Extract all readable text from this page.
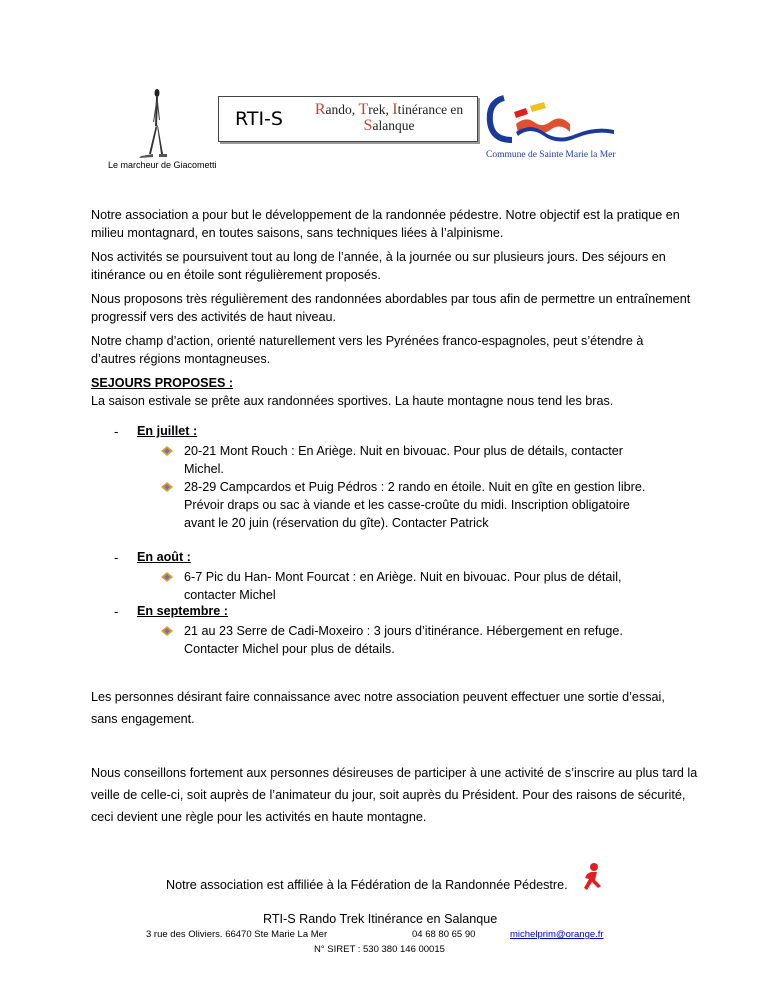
Le marcheur de Giacometti
RTI-S	Rando, Trek, Itinérance en
Salanque
Commune de Sainte Marie la Mer
Notre association a pour but le développement de la randonnée pédestre. Notre objectif est la pratique en milieu montagnard, en toutes saisons, sans techniques liées à l’alpinisme.
Nos activités se poursuivent tout au long de l’année, à la journée ou sur plusieurs jours. Des séjours en itinérance ou en étoile sont régulièrement proposés.
Nous proposons très régulièrement des randonnées abordables par tous afin de permettre un entraînement progressif vers des activités de haut niveau.
Notre champ d’action, orienté naturellement vers les Pyrénées franco-espagnoles, peut s’étendre à d’autres régions montagneuses.
SEJOURS PROPOSES :
La saison estivale se prête aux randonnées sportives. La haute montagne nous tend les bras.
- En juillet :
20-21 Mont Rouch : En Ariège. Nuit en bivouac. Pour plus de détails, contacter Michel.
28-29 Campcardos et Puig Pédros : 2 rando en étoile. Nuit en gîte en gestion libre. Prévoir draps ou sac à viande et les casse-croûte du midi. Inscription obligatoire avant le 20 juin (réservation du gîte). Contacter Patrick
- En août :
6-7 Pic du Han- Mont Fourcat : en Ariège. Nuit en bivouac. Pour plus de détail, contacter Michel
- En septembre :
21 au 23 Serre de Cadi-Moxeiro : 3 jours d’itinérance. Hébergement en refuge. Contacter Michel pour plus de détails.
Les personnes désirant faire connaissance avec notre association peuvent effectuer une sortie d’essai, sans engagement.
Nous conseillons fortement aux personnes désireuses de participer à une activité de s’inscrire au plus tard la veille de celle-ci, soit auprès de l’animateur du jour, soit auprès du Président. Pour des raisons de sécurité, ceci devient une règle pour les activités en haute montagne.
Notre association est affiliée à la Fédération de la Randonnée Pédestre.
RTI-S Rando Trek Itinérance en Salanque
3 rue des Oliviers. 66470 Ste Marie La Mer	04 68 80 65 90	michelprim@orange.fr
N° SIRET : 530 380 146 00015
